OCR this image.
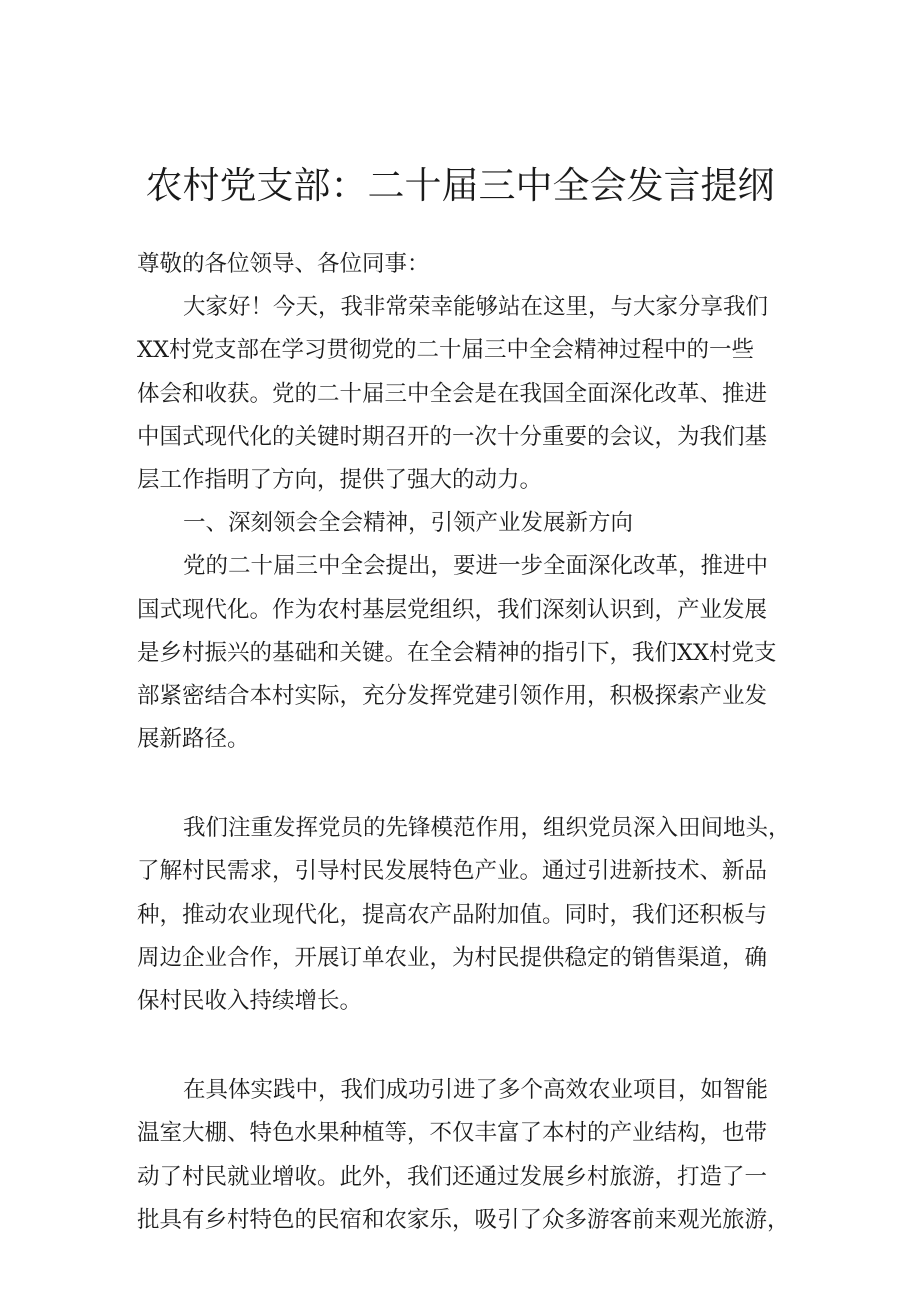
农村党支部：二十届三中全会发言提纲
尊敬的各位领导、各位同事：
大家好！今天，我非常荣幸能够站在这里，与大家分享我们
XX村党支部在学习贯彻党的二十届三中全会精神过程中的一些
体会和收获。党的二十届三中全会是在我国全面深化改革、推进
中国式现代化的关键时期召开的一次十分重要的会议，为我们基
层工作指明了方向，提供了强大的动力。
一、深刻领会全会精神，引领产业发展新方向
党的二十届三中全会提出，要进一步全面深化改革，推进中
国式现代化。作为农村基层党组织，我们深刻认识到，产业发展
是乡村振兴的基础和关键。在全会精神的指引下，我们XX村党支
部紧密结合本村实际，充分发挥党建引领作用，积极探索产业发
展新路径。
我们注重发挥党员的先锋模范作用，组织党员深入田间地头，
了解村民需求，引导村民发展特色产业。通过引进新技术、新品
种，推动农业现代化，提高农产品附加值。同时，我们还积板与
周边企业合作，开展订单农业，为村民提供稳定的销售渠道，确
保村民收入持续增长。
在具体实践中，我们成功引进了多个高效农业项目，如智能
温室大棚、特色水果种植等，不仅丰富了本村的产业结构，也带
动了村民就业增收。此外，我们还通过发展乡村旅游，打造了一
批具有乡村特色的民宿和农家乐，吸引了众多游客前来观光旅游，
